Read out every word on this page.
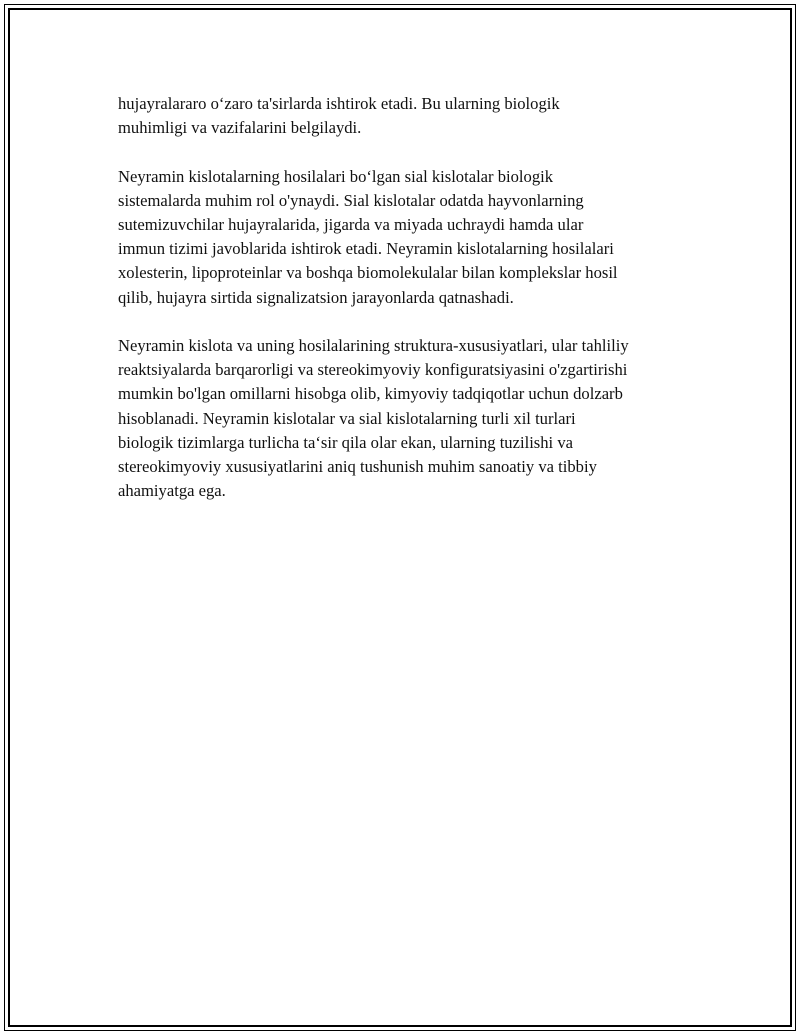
hujayralararo o‘zaro ta'sirlarda ishtirok etadi. Bu ularning biologik
muhimligi va vazifalarini belgilaydi.

Neyramin kislotalarning hosilalari bo‘lgan sial kislotalar biologik
sistemalarda muhim rol o'ynaydi. Sial kislotalar odatda hayvonlarning
sutemizuvchilar hujayralarida, jigarda va miyada uchraydi hamda ular
immun tizimi javoblarida ishtirok etadi. Neyramin kislotalarning hosilalari
xolesterin, lipoproteinlar va boshqa biomolekulalar bilan komplekslar hosil
qilib, hujayra sirtida signalizatsion jarayonlarda qatnashadi.

Neyramin kislota va uning hosilalarining struktura-xususiyatlari, ular tahliliy
reaktsiyalarda barqarorligi va stereokimyoviy konfiguratsiyasini o'zgartirishi
mumkin bo'lgan omillarni hisobga olib, kimyoviy tadqiqotlar uchun dolzarb
hisoblanadi. Neyramin kislotalar va sial kislotalarning turli xil turlari
biologik tizimlarga turlicha ta‘sir qila olar ekan, ularning tuzilishi va
stereokimyoviy xususiyatlarini aniq tushunish muhim sanoatiy va tibbiy
ahamiyatga ega.
